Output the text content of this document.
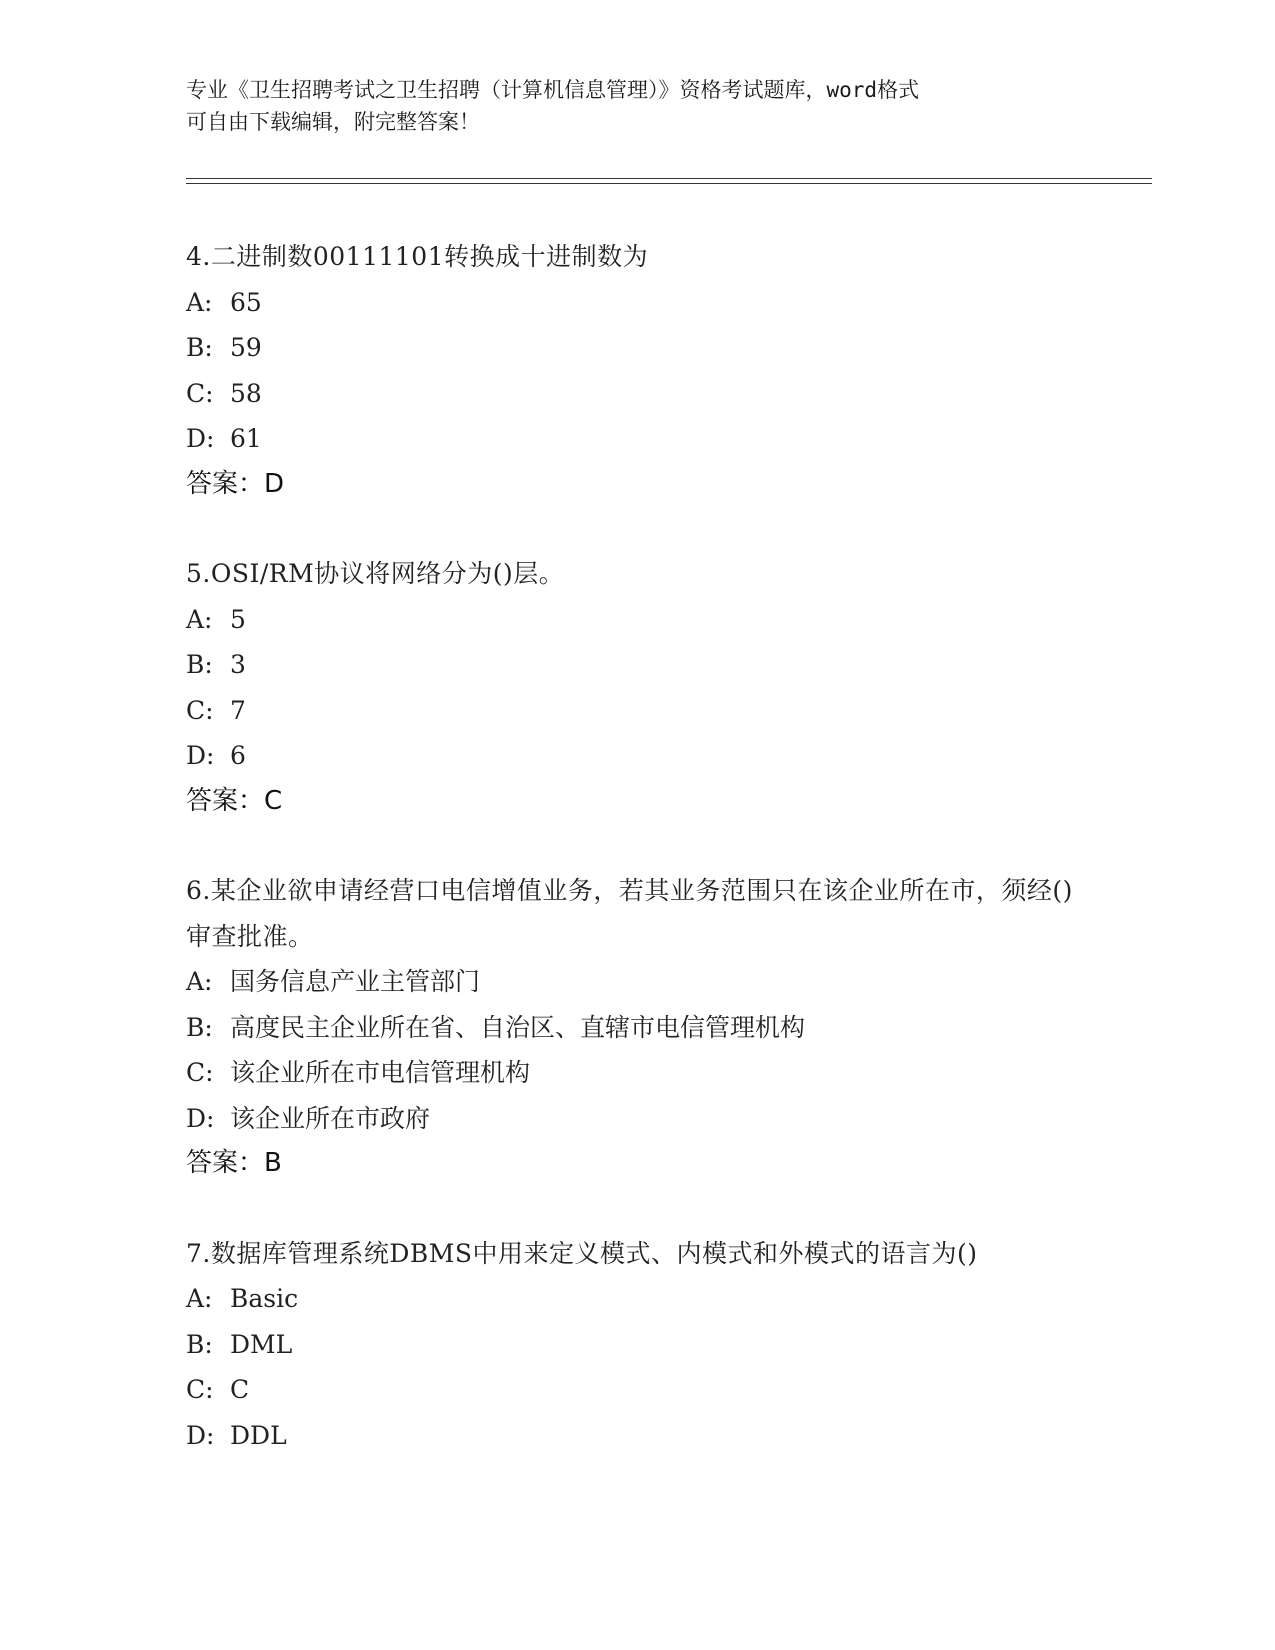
专业《卫生招聘考试之卫生招聘（计算机信息管理）》资格考试题库，word格式
可自由下载编辑，附完整答案！

4.二进制数00111101转换成十进制数为

A: 65

B: 59

C: 58

D: 61

答案：D

5.OSI/RM协议将网络分为()层。

A: 5

B: 3

C: 7

D: 6

答案：C

6.某企业欲申请经营口电信增值业务，若其业务范围只在该企业所在市，须经()审查批准。

A: 国务信息产业主管部门

B: 高度民主企业所在省、自治区、直辖市电信管理机构

C: 该企业所在市电信管理机构

D: 该企业所在市政府

答案：B

7.数据库管理系统DBMS中用来定义模式、内模式和外模式的语言为()

A: Basic

B: DML

C: C

D: DDL
